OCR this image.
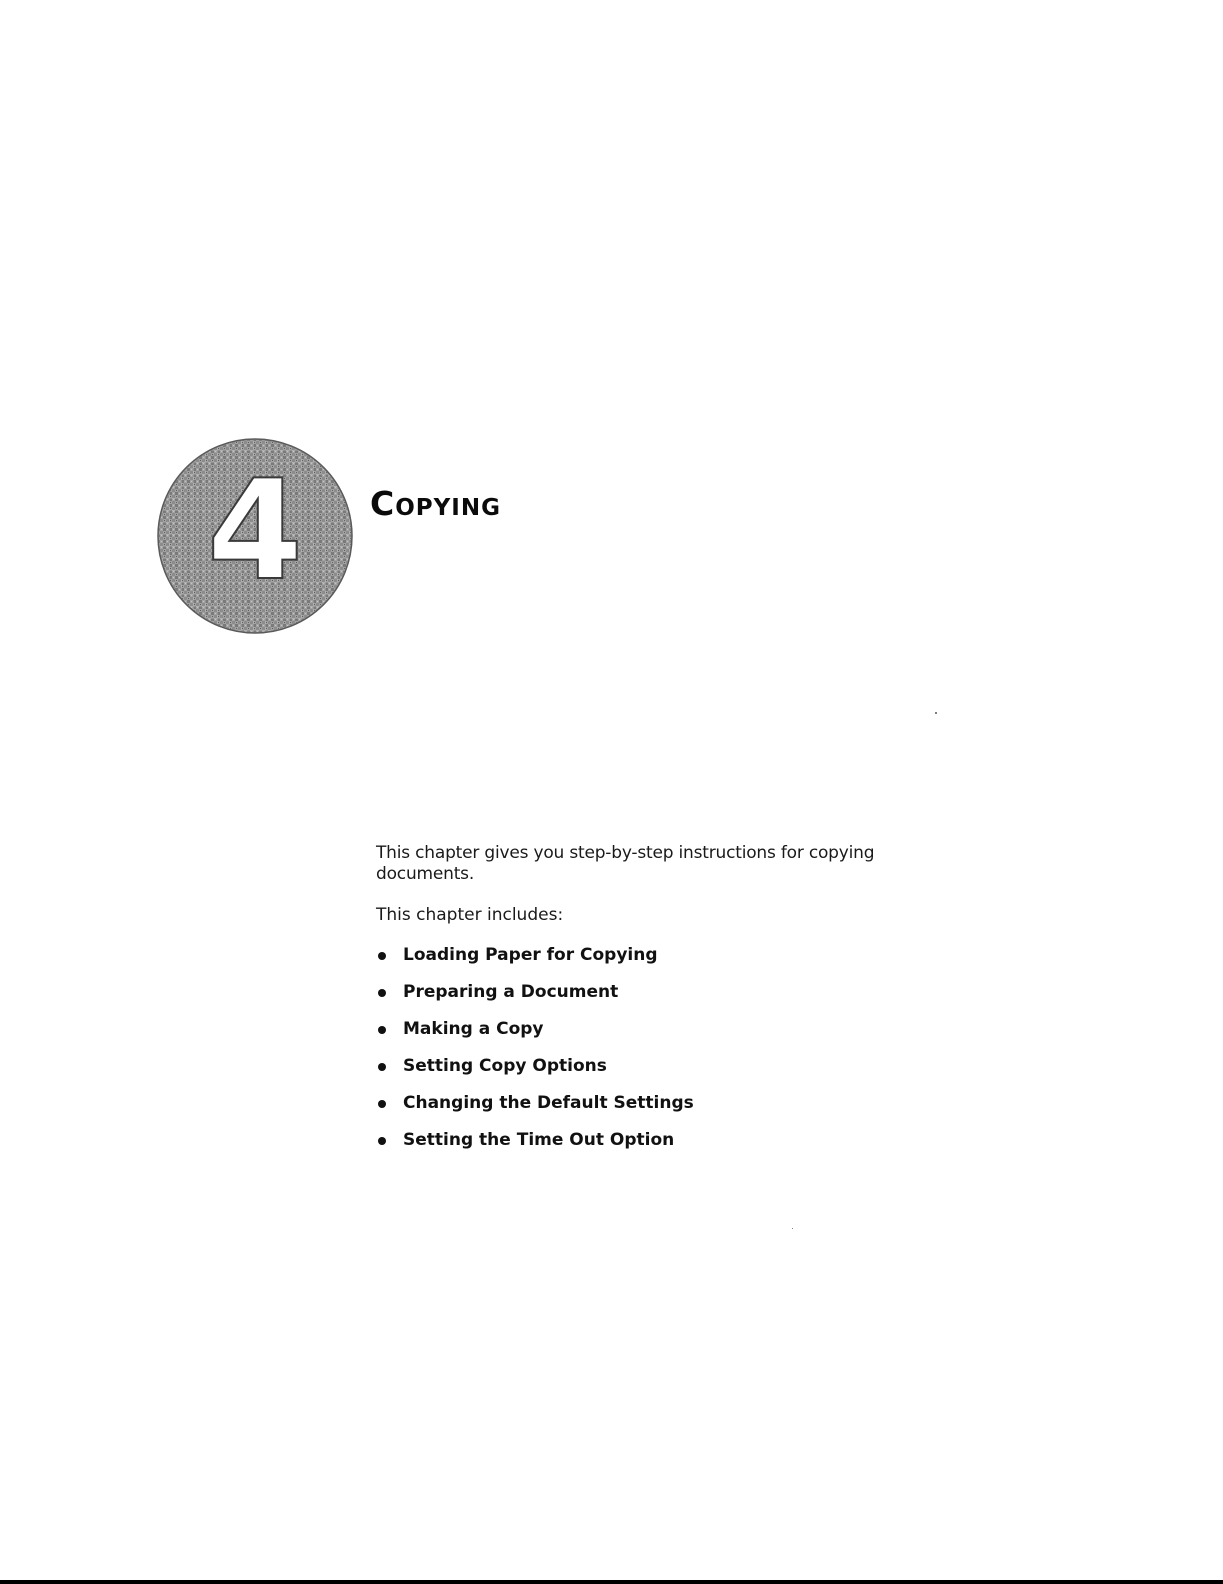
4 Copying

This chapter gives you step-by-step instructions for copying documents.

This chapter includes:

Loading Paper for Copying
Preparing a Document
Making a Copy
Setting Copy Options
Changing the Default Settings
Setting the Time Out Option
